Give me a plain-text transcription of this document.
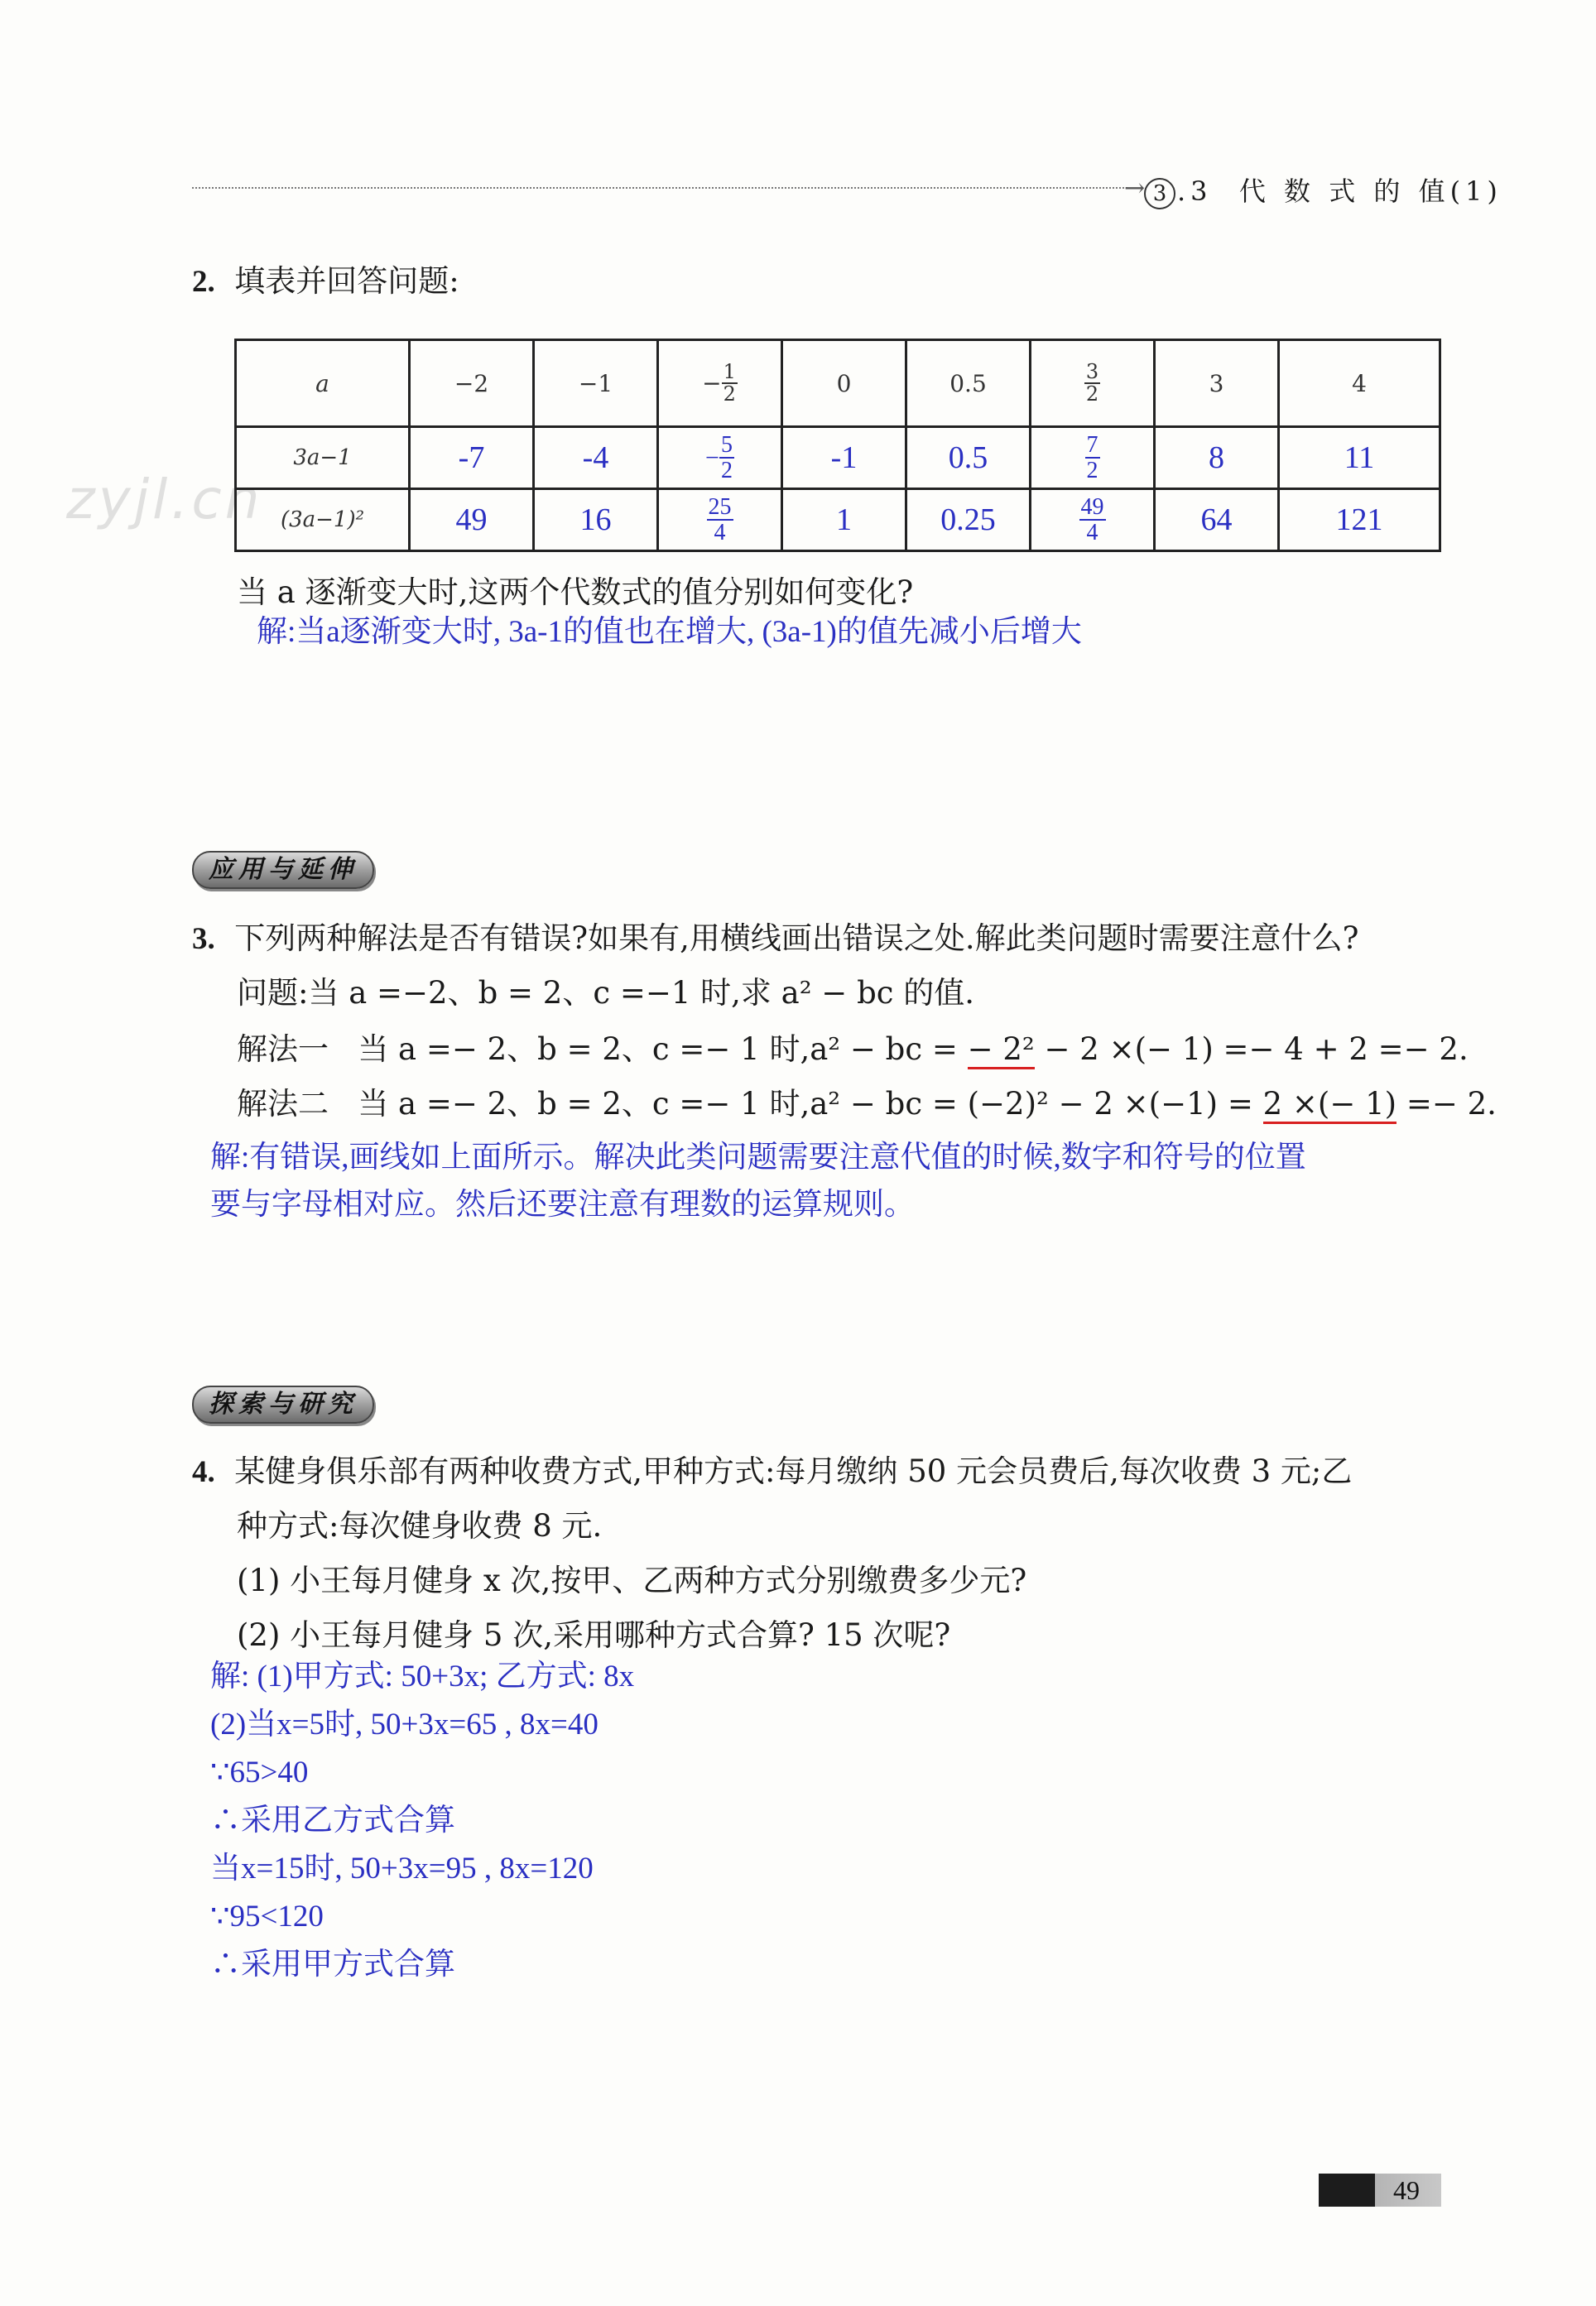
zyjl.cn
→ 3 .3 代 数 式 的 值(1)
2. 填表并回答问题:
a	−2	−1	− $\frac{1}{2}$	0	0.5	$\frac{3}{2}$	3	4
3a−1	-7	-4	− $\frac{5}{2}$	-1	0.5	$\frac{7}{2}$	8	11
(3a−1)²	49	16	$\frac{25}{4}$	1	0.25	$\frac{49}{4}$	64	121
当 a 逐渐变大时,这两个代数式的值分别如何变化?
解:当a逐渐变大时, 3a-1的值也在增大, (3a-1)的值先减小后增大
应用与延伸
3. 下列两种解法是否有错误?如果有,用横线画出错误之处.解此类问题时需要注意什么?
问题:当 a =−2、b = 2、c =−1 时,求 a² − bc 的值.
解法一 当 a =− 2、b = 2、c =− 1 时,a² − bc = − 2² − 2 ×(− 1) =− 4 + 2 =− 2.
解法二 当 a =− 2、b = 2、c =− 1 时,a² − bc = (−2)² − 2 ×(−1) = 2 ×(− 1) =− 2.
解:有错误,画线如上面所示。解决此类问题需要注意代值的时候,数字和符号的位置
要与字母相对应。然后还要注意有理数的运算规则。
探索与研究
4. 某健身俱乐部有两种收费方式,甲种方式:每月缴纳 50 元会员费后,每次收费 3 元;乙
种方式:每次健身收费 8 元.
(1) 小王每月健身 x 次,按甲、乙两种方式分别缴费多少元?
(2) 小王每月健身 5 次,采用哪种方式合算? 15 次呢?
解: (1)甲方式: 50+3x; 乙方式: 8x
(2)当x=5时, 50+3x=65 , 8x=40
∵65>40
∴采用乙方式合算
当x=15时, 50+3x=95 , 8x=120
∵95<120
∴采用甲方式合算
49
